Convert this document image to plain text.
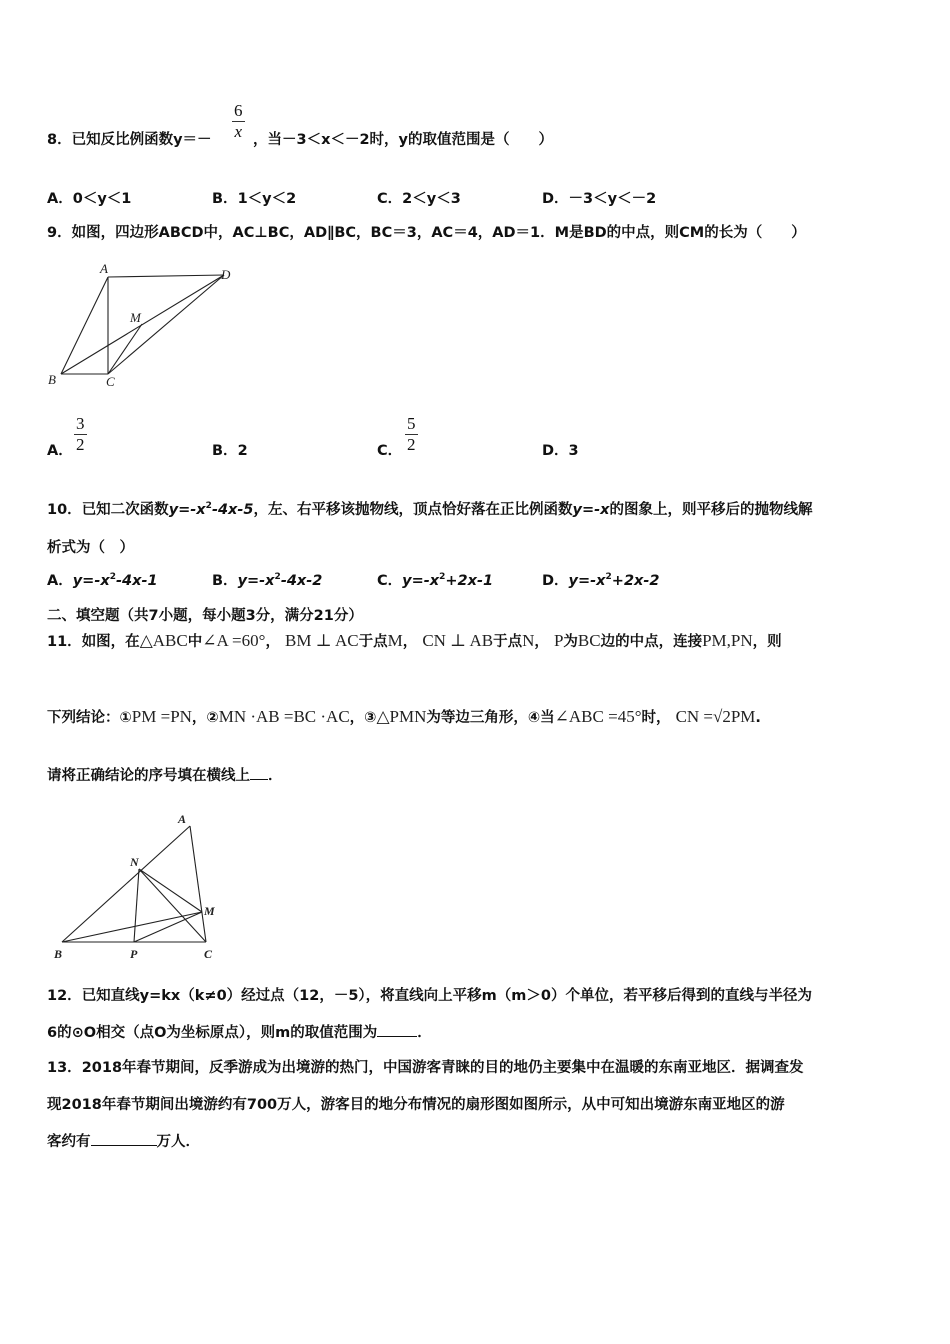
8．已知反比例函数$y=- \frac{6}{x}$ ，当－3＜x＜－2时，y的取值范围是（　　）
A．0＜y＜1	B．1＜y＜2	C．2＜y＜3	D．－3＜y＜－2
9．如图，四边形ABCD中，AC⊥BC，AD∥BC，BC＝3，AC＝4，AD＝1．M是BD的中点，则CM的长为（　　）
A	D
M
B	C
A． $\frac{3}{2}$	B．2	C． $\frac{5}{2}$	D．3
10．已知二次函数$y=-x^2-4x-5$，左、右平移该抛物线，顶点恰好落在正比例函数y=-x的图象上，则平移后的抛物线解
析式为（　）
A．$y=-x^2-4x-1$	B．$y=-x^2-4x-2$	C．$y=-x^2+2x-1$	D．$y=-x^2+2x-2$
二、填空题（共7小题，每小题3分，满分21分）
11．如图，在△ABC中∠A =60°， BM ⊥ AC于点M， CN ⊥ AB于点N， P为BC边的中点，连接PM,PN，则
下列结论：①PM =PN，②MN ·AB =BC ·AC，③△PMN为等边三角形，④当∠ABC =45°时， CN =√2PM.
请将正确结论的序号填在横线上 ．
A
N
M
B	P	C
12．已知直线y=kx（k≠0）经过点（12，－5），将直线向上平移m（m＞0）个单位，若平移后得到的直线与半径为
6的⊙O相交（点O为坐标原点），则m的取值范围为	．
13．2018年春节期间，反季游成为出境游的热门，中国游客青睐的目的地仍主要集中在温暖的东南亚地区．据调查发
现2018年春节期间出境游约有700万人，游客目的地分布情况的扇形图如图所示，从中可知出境游东南亚地区的游
客约有	万人．
